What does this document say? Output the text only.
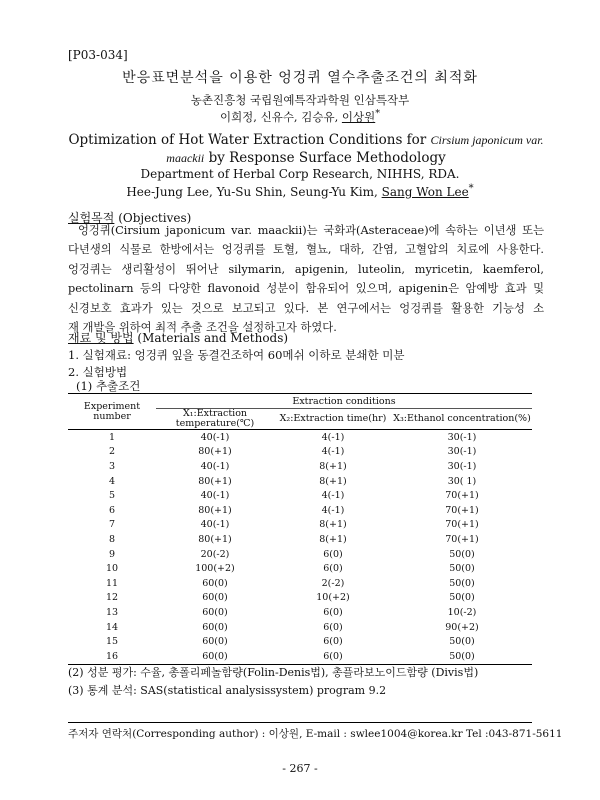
[P03-034]
반응표면분석을 이용한 엉겅퀴 열수추출조건의 최적화
농촌진흥청 국립원예특작과학원 인삼특작부
이희정, 신유수, 김승유, 이상원*
Optimization of Hot Water Extraction Conditions for Cirsium japonicum var.
maackii by Response Surface Methodology
Department of Herbal Corp Research, NIHHS, RDA.
Hee-Jung Lee, Yu-Su Shin, Seung-Yu Kim, Sang Won Lee*
실험목적 (Objectives)
엉겅퀴(Cirsium japonicum var. maackii)는 국화과(Asteraceae)에 속하는 이년생 또는
다년생의 식물로 한방에서는 엉겅퀴를 토혈, 혈뇨, 대하, 간염, 고혈압의 치료에 사용한다.
엉겅퀴는 생리활성이 뛰어난 silymarin, apigenin, luteolin, myricetin, kaemferol,
pectolinarn 등의 다양한 flavonoid 성분이 함유되어 있으며, apigenin은 암예방 효과 및
신경보호 효과가 있는 것으로 보고되고 있다. 본 연구에서는 엉겅퀴를 활용한 기능성 소
재 개발을 위하여 최적 추출 조건을 설정하고자 하였다.
재료 및 방법 (Materials and Methods)
1. 실험재료: 엉겅퀴 잎을 동결건조하여 60메쉬 이하로 분쇄한 미분
2. 실험방법
(1) 추출조건
Experiment number	Extraction conditions		
	X₁:Extraction temperature(℃)	X₂:Extraction time(hr)	X₃:Ethanol concentration(%)
1	40(-1)	4(-1)	30(-1)
2	80(+1)	4(-1)	30(-1)
3	40(-1)	8(+1)	30(-1)
4	80(+1)	8(+1)	30( 1)
5	40(-1)	4(-1)	70(+1)
6	80(+1)	4(-1)	70(+1)
7	40(-1)	8(+1)	70(+1)
8	80(+1)	8(+1)	70(+1)
9	20(-2)	6(0)	50(0)
10	100(+2)	6(0)	50(0)
11	60(0)	2(-2)	50(0)
12	60(0)	10(+2)	50(0)
13	60(0)	6(0)	10(-2)
14	60(0)	6(0)	90(+2)
15	60(0)	6(0)	50(0)
16	60(0)	6(0)	50(0)
(2) 성분 평가: 수율, 총폴리페놀함량(Folin-Denis법), 총플라보노이드함량 (Divis법)
(3) 통계 분석: SAS(statistical analysissystem) program 9.2
주저자 연락처(Corresponding author) : 이상원, E-mail : swlee1004@korea.kr Tel :043-871-5611
- 267 -
